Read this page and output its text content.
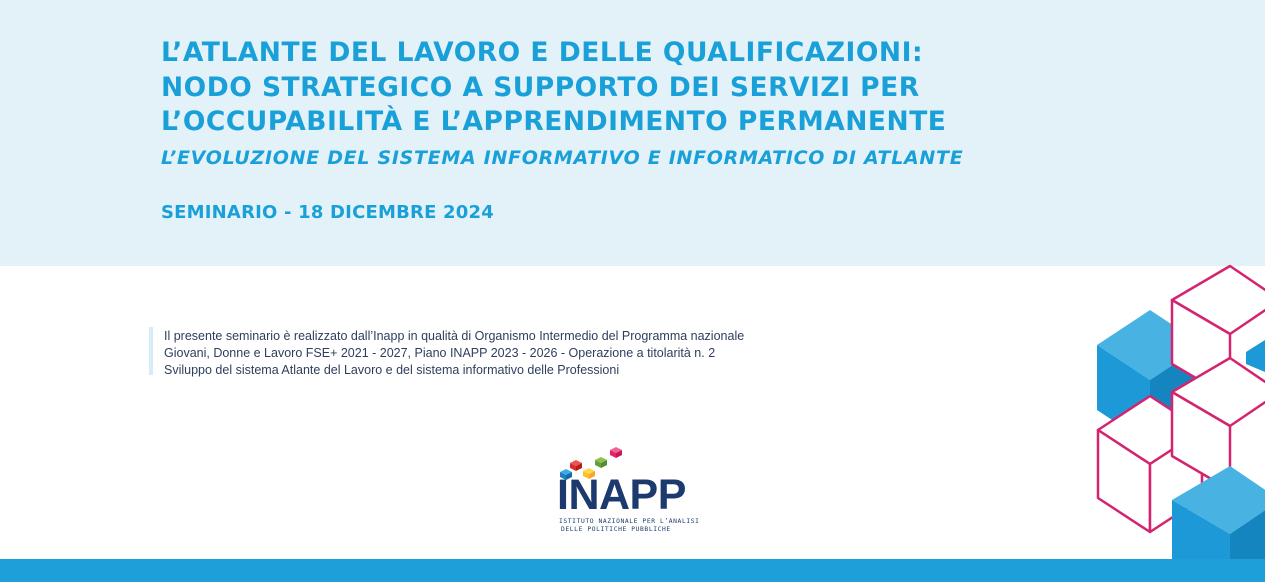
L’ATLANTE DEL LAVORO E DELLE QUALIFICAZIONI:
NODO STRATEGICO A SUPPORTO DEI SERVIZI PER
L’OCCUPABILITÀ E L’APPRENDIMENTO PERMANENTE

L’EVOLUZIONE DEL SISTEMA INFORMATIVO E INFORMATICO DI ATLANTE

SEMINARIO - 18 DICEMBRE 2024

Il presente seminario è realizzato dall’Inapp in qualità di Organismo Intermedio del Programma nazionale
Giovani, Donne e Lavoro FSE+ 2021 - 2027, Piano INAPP 2023 - 2026 - Operazione a titolarità n. 2
Sviluppo del sistema Atlante del Lavoro e del sistema informativo delle Professioni

INAPP
ISTITUTO NAZIONALE PER L’ANALISI
DELLE POLITICHE PUBBLICHE
